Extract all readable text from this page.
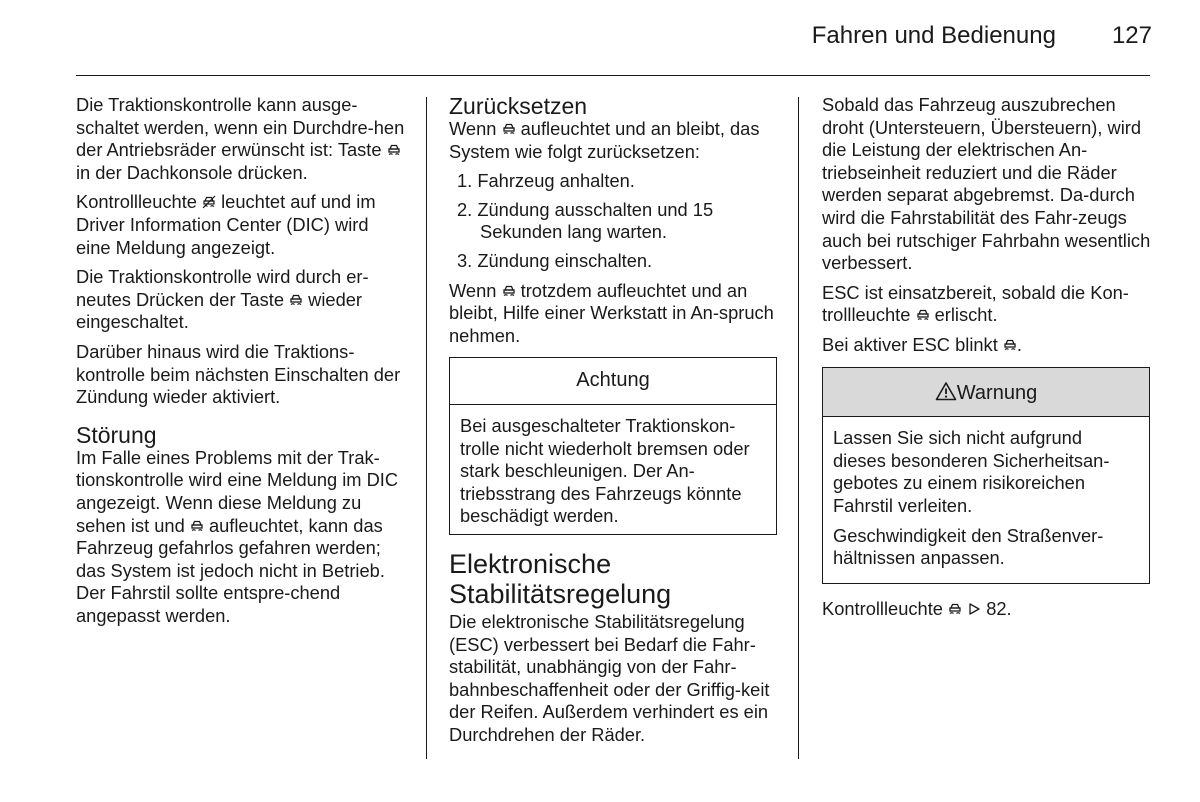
Fahren und Bedienung 127

Die Traktionskontrolle kann ausge-schaltet werden, wenn ein Durchdre-hen der Antriebsräder erwünscht ist: Taste
in der Dachkonsole drücken.

Kontrollleuchte leuchtet auf und im Driver Information Center (DIC) wird eine Meldung angezeigt.

Die Traktionskontrolle wird durch er-neutes Drücken der Taste wieder eingeschaltet.

Darüber hinaus wird die Traktions-kontrolle beim nächsten Einschalten der Zündung wieder aktiviert.

Störung

Im Falle eines Problems mit der Trak-tionskontrolle wird eine Meldung im DIC angezeigt. Wenn diese Meldung zu sehen ist und aufleuchtet, kann das Fahrzeug gefahrlos gefahren werden; das System ist jedoch nicht in Betrieb. Der Fahrstil sollte entspre-chend angepasst werden.

Zurücksetzen

Wenn aufleuchtet und an bleibt, das System wie folgt zurücksetzen:

1. Fahrzeug anhalten.
2. Zündung ausschalten und 15 Sekunden lang warten.
3. Zündung einschalten.

Wenn trotzdem aufleuchtet und an bleibt, Hilfe einer Werkstatt in An-spruch nehmen.

Achtung
Bei ausgeschalteter Traktionskon-trolle nicht wiederholt bremsen oder stark beschleunigen. Der An-triebsstrang des Fahrzeugs könnte beschädigt werden.
Elektronische
Stabilitätsregelung

Die elektronische Stabilitätsregelung (ESC) verbessert bei Bedarf die Fahr-stabilität, unabhängig von der Fahr-bahnbeschaffenheit oder der Griffig-keit der Reifen. Außerdem verhindert es ein Durchdrehen der Räder.

Sobald das Fahrzeug auszubrechen droht (Untersteuern, Übersteuern), wird die Leistung der elektrischen An-triebseinheit reduziert und die Räder werden separat abgebremst. Da-durch wird die Fahrstabilität des Fahr-zeugs auch bei rutschiger Fahrbahn wesentlich verbessert.

ESC ist einsatzbereit, sobald die Kon-trollleuchte erlischt.

Bei aktiver ESC blinkt .

Warnung

Lassen Sie sich nicht aufgrund dieses besonderen Sicherheitsan-gebotes zu einem risikoreichen Fahrstil verleiten.

Geschwindigkeit den Straßenver-hältnissen anpassen.

Kontrollleuchte
82.
